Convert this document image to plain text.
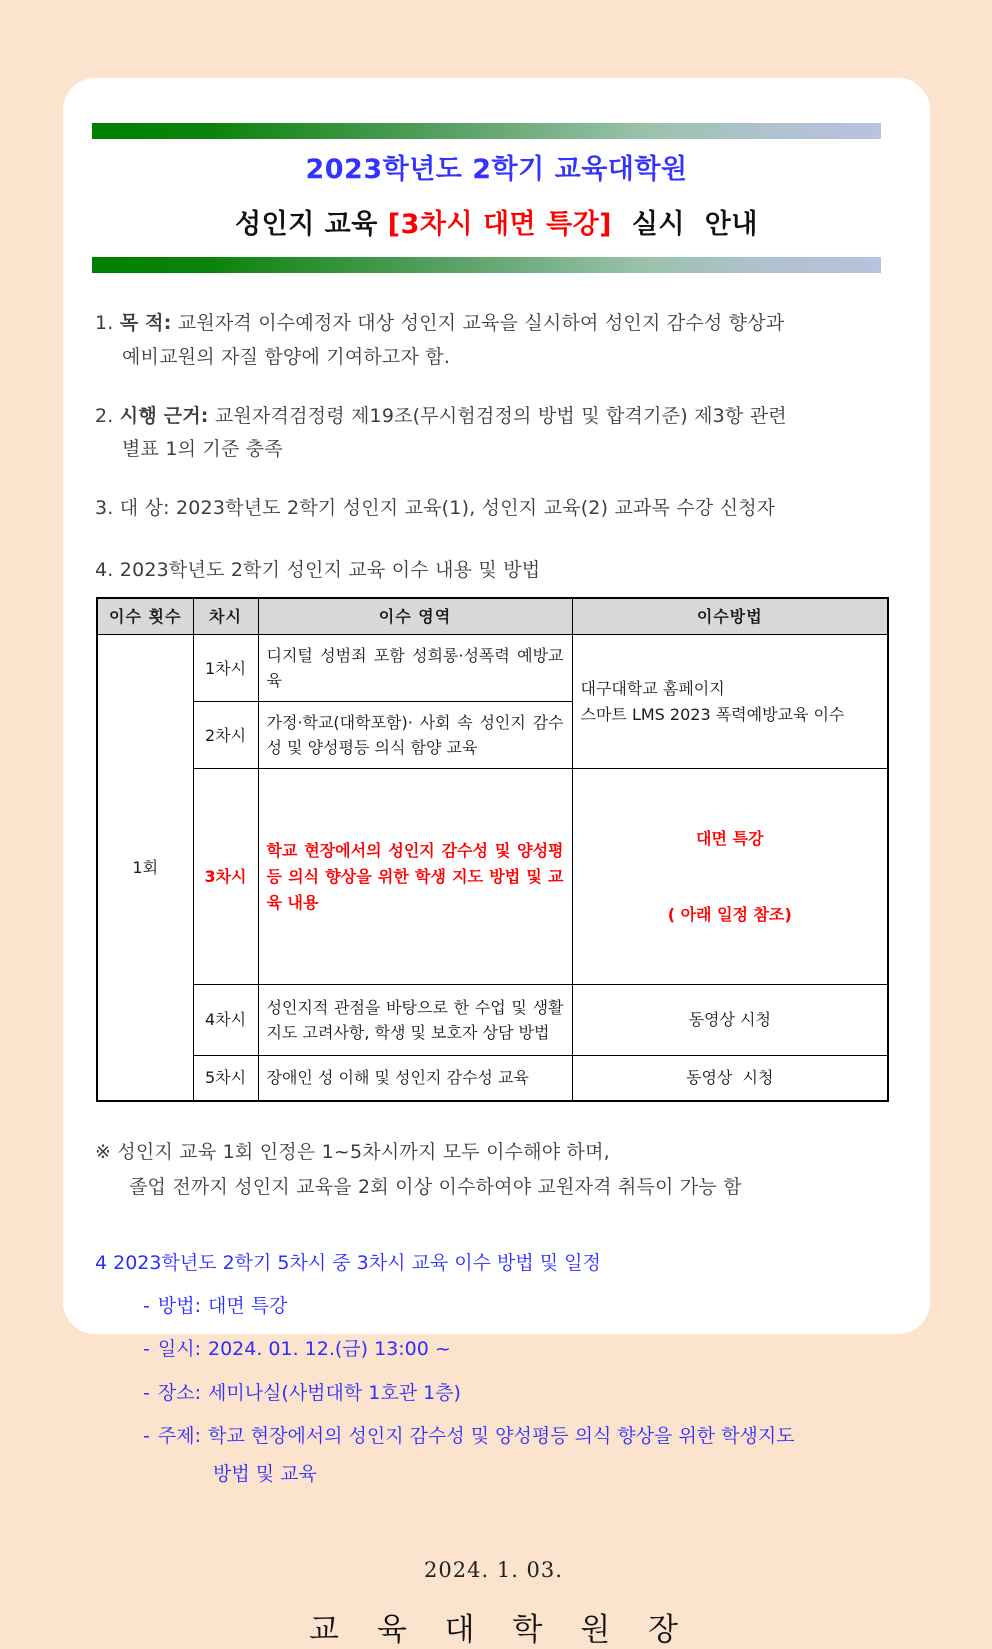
2023학년도 2학기 교육대학원
성인지 교육 [3차시 대면 특강]  실시  안내
1. 목 적: 교원자격 이수예정자 대상 성인지 교육을 실시하여 성인지 감수성 향상과
예비교원의 자질 함양에 기여하고자 함.
2. 시행 근거: 교원자격검정령 제19조(무시험검정의 방법 및 합격기준) 제3항 관련
별표 1의 기준 충족
3. 대 상: 2023학년도 2학기 성인지 교육(1), 성인지 교육(2) 교과목 수강 신청자
4. 2023학년도 2학기 성인지 교육 이수 내용 및 방법
이수 횟수	차시	이수 영역	이수방법
1회	1차시	디지털 성범죄 포함 성희롱·성폭력 예방교육	대구대학교 홈페이지
스마트 LMS 2023 폭력예방교육 이수

	2차시	가정·학교(대학포함)· 사회 속 성인지 감수성 및 양성평등 의식 함양 교육	
	3차시	학교 현장에서의 성인지 감수성 및 양성평등 의식 향상을 위한 학생 지도 방법 및 교육 내용	대면 특강

( 아래 일정 참조)

	4차시	성인지적 관점을 바탕으로 한 수업 및 생활지도 고려사항, 학생 및 보호자 상담 방법	동영상 시청
	5차시	장애인 성 이해 및 성인지 감수성 교육	동영상  시청
※ 성인지 교육 1회 인정은 1~5차시까지 모두 이수해야 하며,
졸업 전까지 성인지 교육을 2회 이상 이수하여야 교원자격 취득이 가능 함
4 2023학년도 2학기 5차시 중 3차시 교육 이수 방법 및 일정
- 방법: 대면 특강
- 일시: 2024. 01. 12.(금) 13:00 ~
- 장소: 세미나실(사범대학 1호관 1층)
- 주제: 학교 현장에서의 성인지 감수성 및 양성평등 의식 향상을 위한 학생지도
방법 및 교육
2024. 1. 03.
교 육 대 학 원 장
